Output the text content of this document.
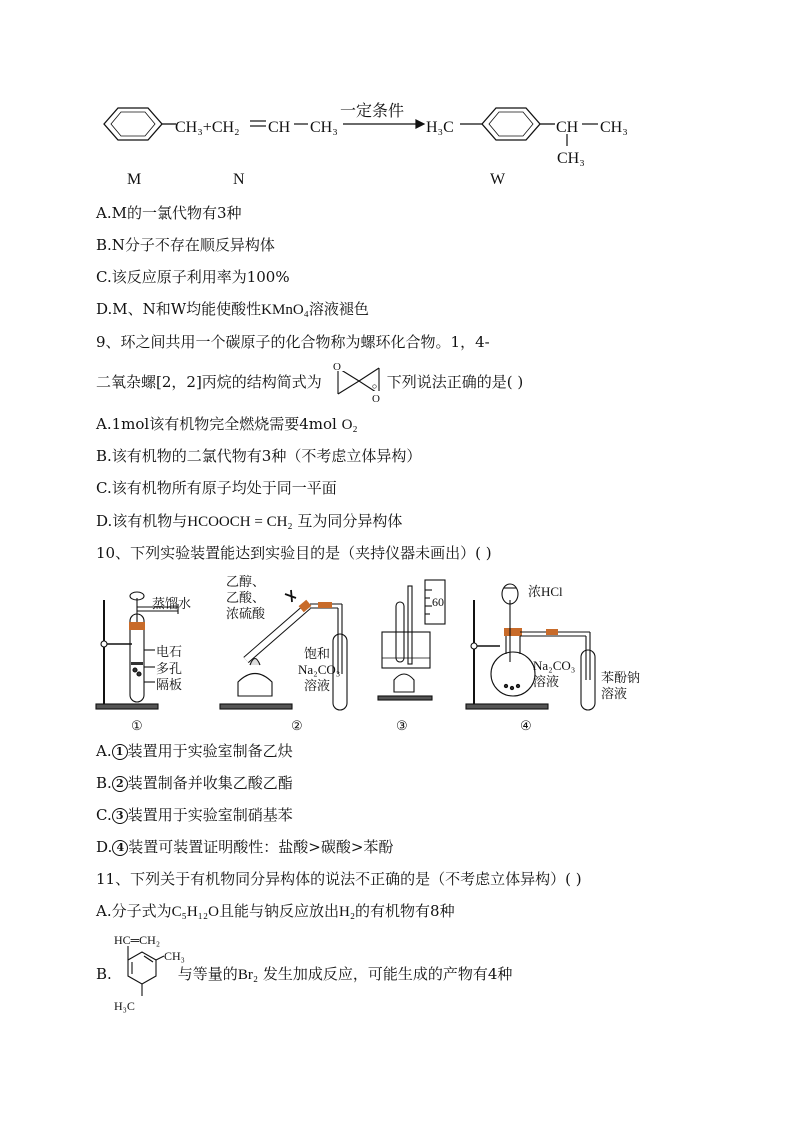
CH₃+CH₂ CH CH₃
一定条件
H₃C	CH CH₃
CH₃
M	N	W
A.M的一氯代物有3种
B.N分子不存在顺反异构体
C.该反应原子利用率为100%
D.M、N和W均能使酸性KMnO₄溶液褪色
9、环之间共用一个碳原子的化合物称为螺环化合物。1，4-
二氧杂螺[2，2]丙烷的结构简式为	。下列说法正确的是( )
O
O
A.1mol该有机物完全燃烧需要4mol O₂
B.该有机物的二氯代物有3种（不考虑立体异构）
C.该有机物所有原子均处于同一平面
D.该有机物与HCOOCH = CH₂ 互为同分异构体
10、下列实验装置能达到实验目的是（夹持仪器未画出）( )
蒸馏水
电石
多孔
隔板
①
乙醇、
乙酸、
浓硫酸
饱和
Na₂CO₃
溶液
②
60
③
浓HCl
Na₂CO₃
溶液	苯酚钠
溶液
④
A. 1 装置用于实验室制备乙炔
B. 2 装置制备并收集乙酸乙酯
C. 3 装置用于实验室制硝基苯
D. 4 装置可装置证明酸性：盐酸>碳酸>苯酚
11、下列关于有机物同分异构体的说法不正确的是（不考虑立体异构）( )
A.分子式为C₅H₁₂O且能与钠反应放出H₂的有机物有8种
B.	与等量的Br₂ 发生加成反应，可能生成的产物有4种
HC═CH₂
CH₃
H₃C
